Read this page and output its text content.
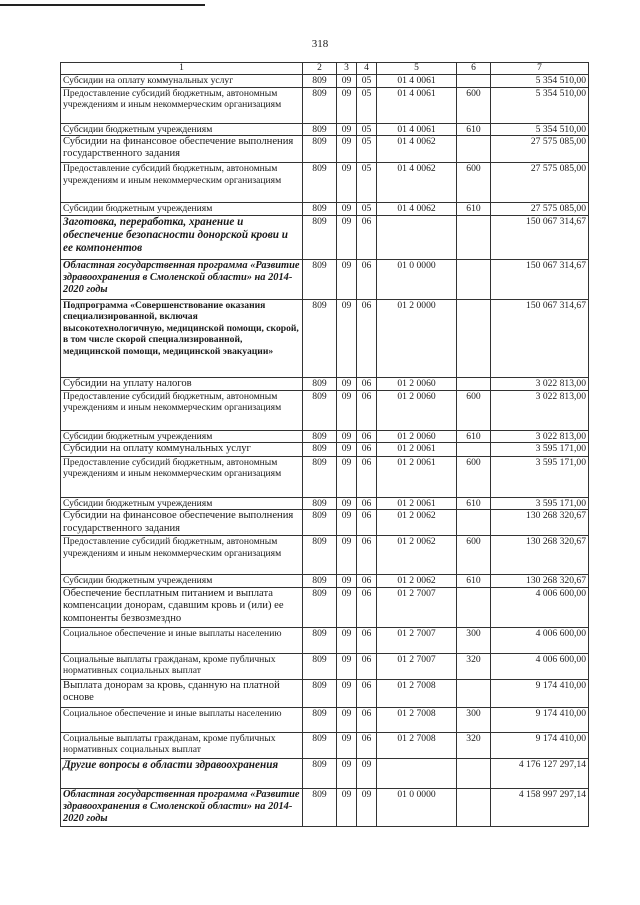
318
1	2	3	4	5	6	7
Субсидии на оплату коммунальных услуг	809	09	05	01 4 0061		5 354 510,00
Предоставление субсидий бюджетным, автономным учреждениям и иным некоммерческим организациям	809	09	05	01 4 0061	600	5 354 510,00
Субсидии бюджетным учреждениям	809	09	05	01 4 0061	610	5 354 510,00
Субсидии на финансовое обеспечение выполнения государственного задания	809	09	05	01 4 0062		27 575 085,00
Предоставление субсидий бюджетным, автономным учреждениям и иным некоммерческим организациям	809	09	05	01 4 0062	600	27 575 085,00
Субсидии бюджетным учреждениям	809	09	05	01 4 0062	610	27 575 085,00
Заготовка, переработка, хранение и обеспечение безопасности донорской крови и ее компонентов	809	09	06			150 067 314,67
Областная государственная программа «Развитие здравоохранения в Смоленской области» на 2014-2020 годы	809	09	06	01 0 0000		150 067 314,67
Подпрограмма «Совершенствование оказания специализированной, включая высокотехнологичную, медицинской помощи, скорой, в том числе скорой специализированной, медицинской помощи, медицинской эвакуации»	809	09	06	01 2 0000		150 067 314,67
Субсидии на уплату налогов	809	09	06	01 2 0060		3 022 813,00
Предоставление субсидий бюджетным, автономным учреждениям и иным некоммерческим организациям	809	09	06	01 2 0060	600	3 022 813,00
Субсидии бюджетным учреждениям	809	09	06	01 2 0060	610	3 022 813,00
Субсидии на оплату коммунальных услуг	809	09	06	01 2 0061		3 595 171,00
Предоставление субсидий бюджетным, автономным учреждениям и иным некоммерческим организациям	809	09	06	01 2 0061	600	3 595 171,00
Субсидии бюджетным учреждениям	809	09	06	01 2 0061	610	3 595 171,00
Субсидии на финансовое обеспечение выполнения государственного задания	809	09	06	01 2 0062		130 268 320,67
Предоставление субсидий бюджетным, автономным учреждениям и иным некоммерческим организациям	809	09	06	01 2 0062	600	130 268 320,67
Субсидии бюджетным учреждениям	809	09	06	01 2 0062	610	130 268 320,67
Обеспечение бесплатным питанием и выплата компенсации донорам, сдавшим кровь и (или) ее компоненты безвозмездно	809	09	06	01 2 7007		4 006 600,00
Социальное обеспечение и иные выплаты населению	809	09	06	01 2 7007	300	4 006 600,00
Социальные выплаты гражданам, кроме публичных нормативных социальных выплат	809	09	06	01 2 7007	320	4 006 600,00
Выплата донорам за кровь, сданную на платной основе	809	09	06	01 2 7008		9 174 410,00
Социальное обеспечение и иные выплаты населению	809	09	06	01 2 7008	300	9 174 410,00
Социальные выплаты гражданам, кроме публичных нормативных социальных выплат	809	09	06	01 2 7008	320	9 174 410,00
Другие вопросы в области здравоохранения	809	09	09			4 176 127 297,14
Областная государственная программа «Развитие здравоохранения в Смоленской области» на 2014-2020 годы	809	09	09	01 0 0000		4 158 997 297,14
